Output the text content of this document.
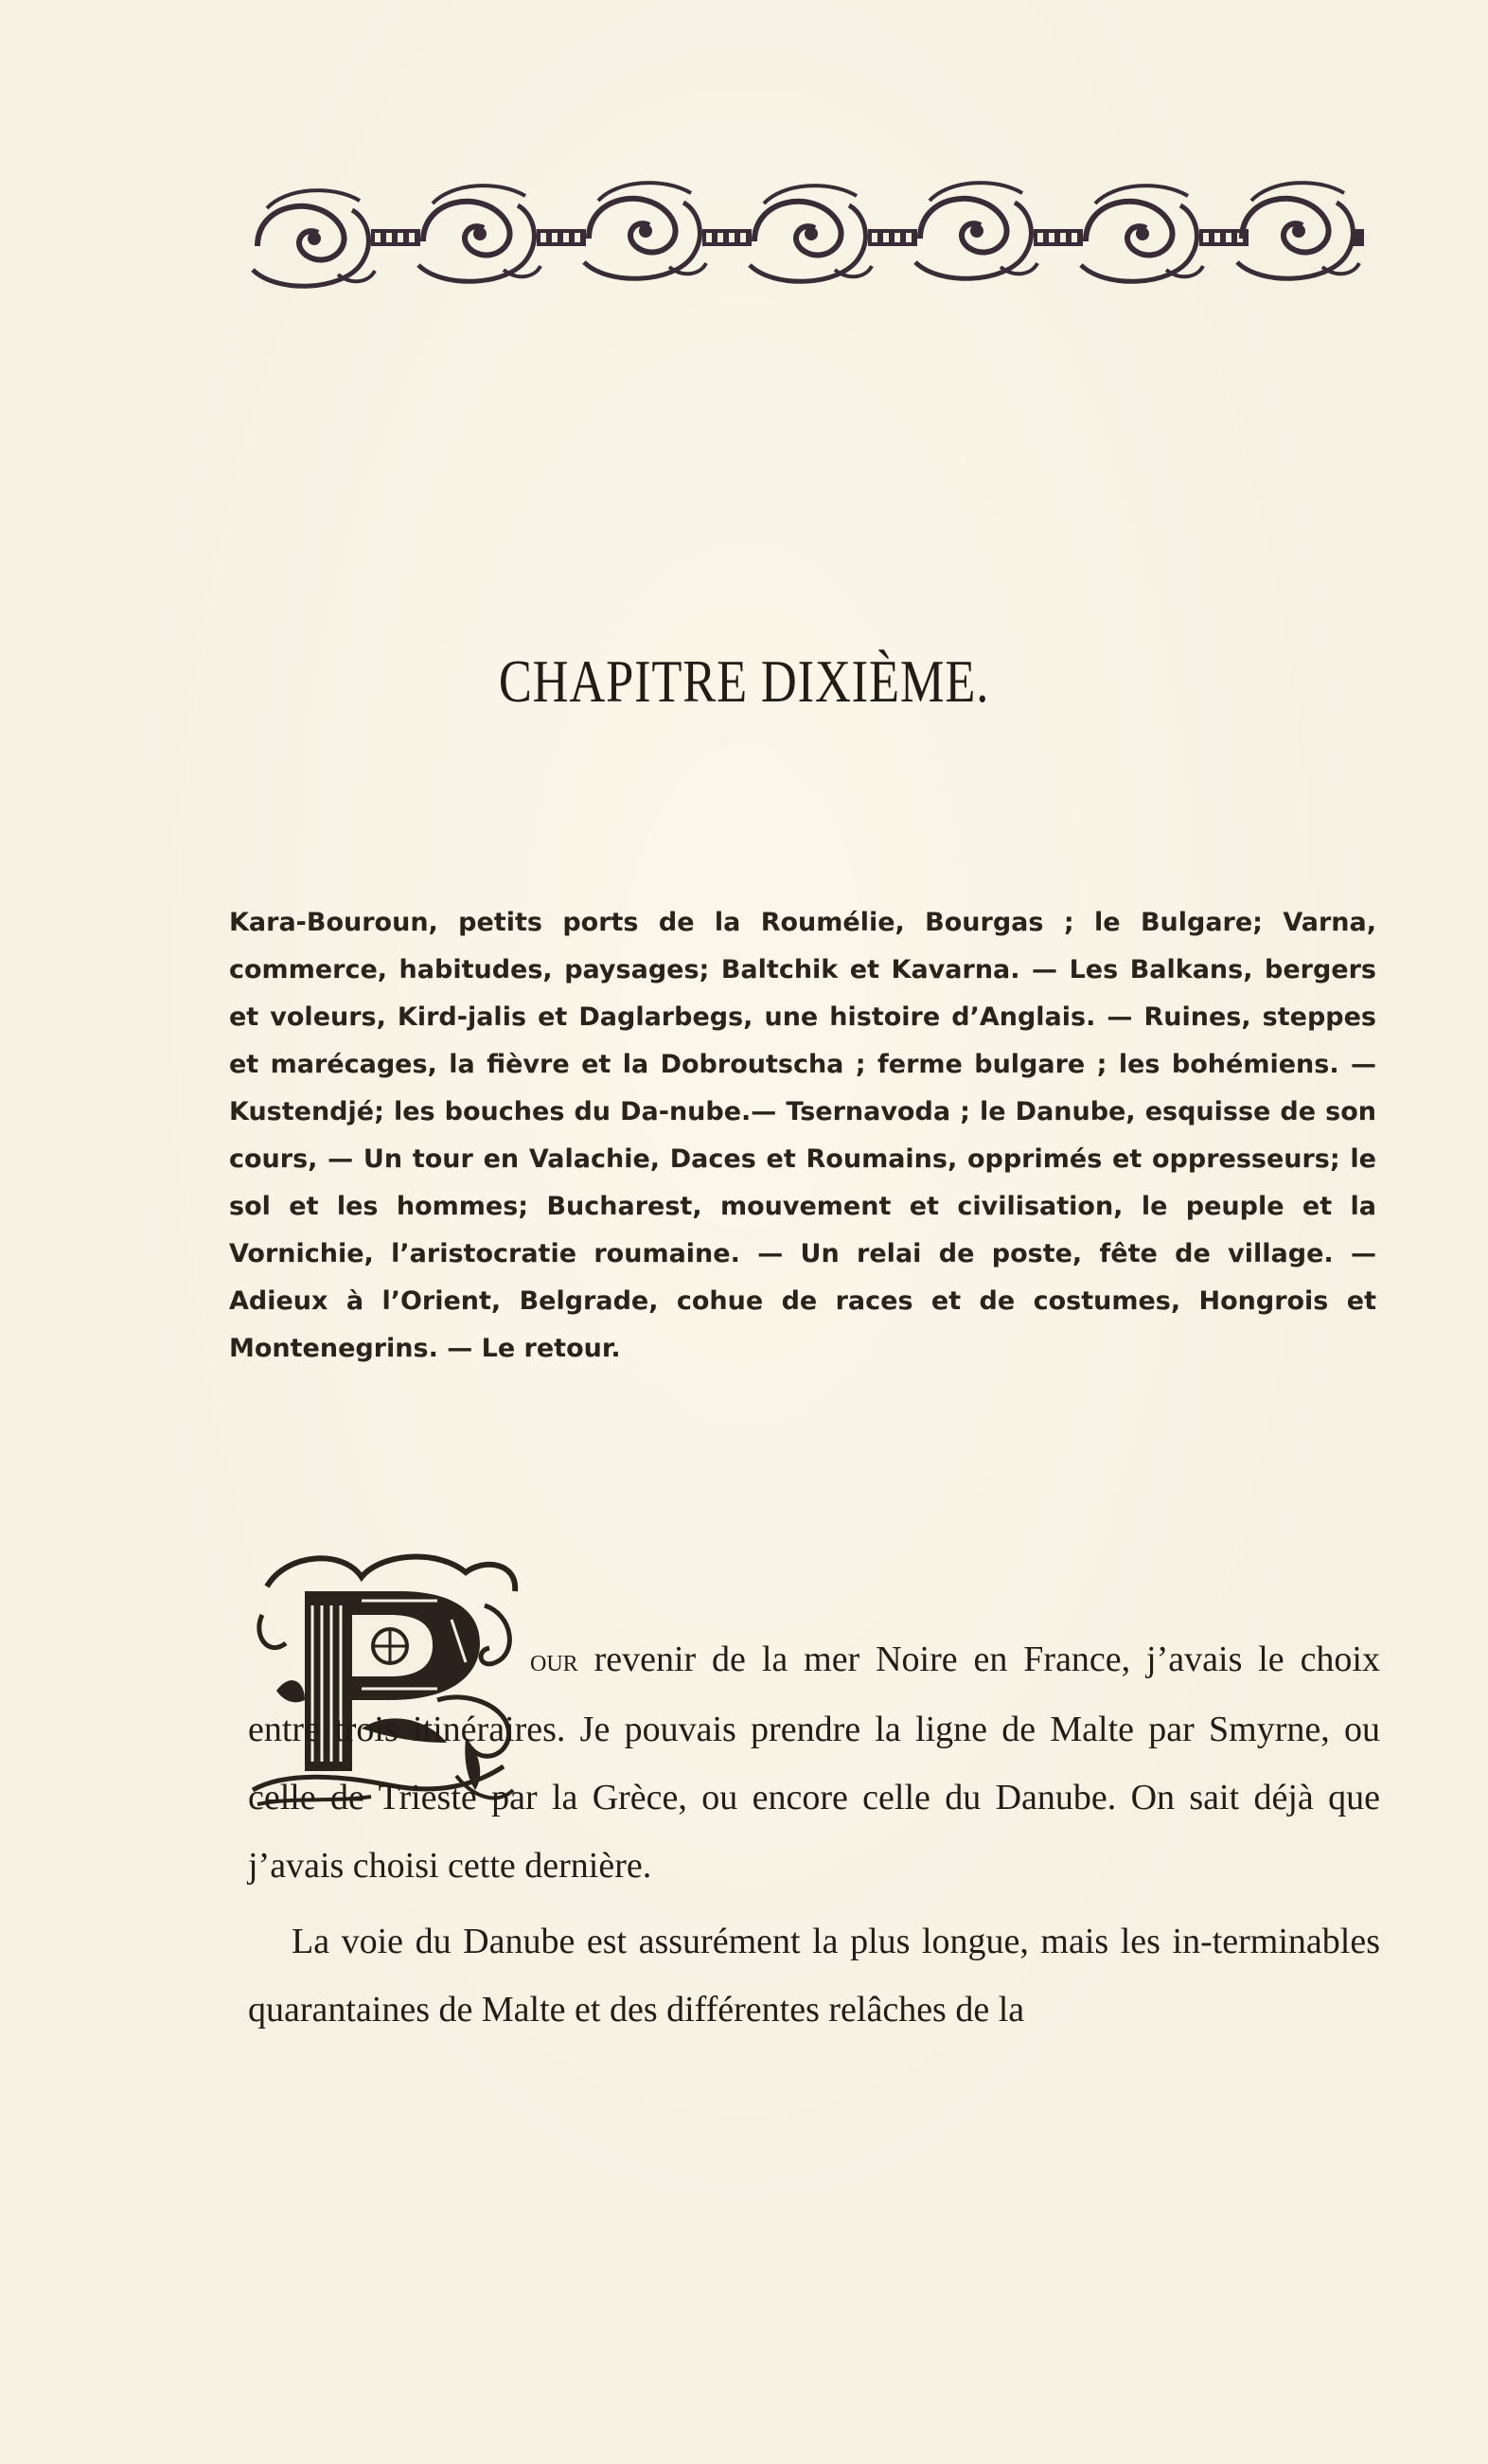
CHAPITRE DIXIÈME.
Kara-Bouroun, petits ports de la Roumélie, Bourgas ; le Bulgare; Varna, commerce, habitudes, paysages; Baltchik et Kavarna. — Les Balkans, bergers et voleurs, Kird-jalis et Daglarbegs, une histoire d’Anglais. — Ruines, steppes et marécages, la fièvre et la Dobroutscha ; ferme bulgare ; les bohémiens. — Kustendjé; les bouches du Da-nube.— Tsernavoda ; le Danube, esquisse de son cours, — Un tour en Valachie, Daces et Roumains, opprimés et oppresseurs; le sol et les hommes; Bucharest, mouvement et civilisation, le peuple et la Vornichie, l’aristocratie roumaine. — Un relai de poste, fête de village. — Adieux à l’Orient, Belgrade, cohue de races et de costumes, Hongrois et Montenegrins. — Le retour.

our revenir de la mer Noire en France, j’avais le choix entre trois itinéraires. Je pouvais prendre la ligne de Malte par Smyrne, ou celle de Trieste par la Grèce, ou encore celle du Danube. On sait déjà que j’avais choisi cette dernière.

La voie du Danube est assurément la plus longue, mais les in-terminables quarantaines de Malte et des différentes relâches de la
